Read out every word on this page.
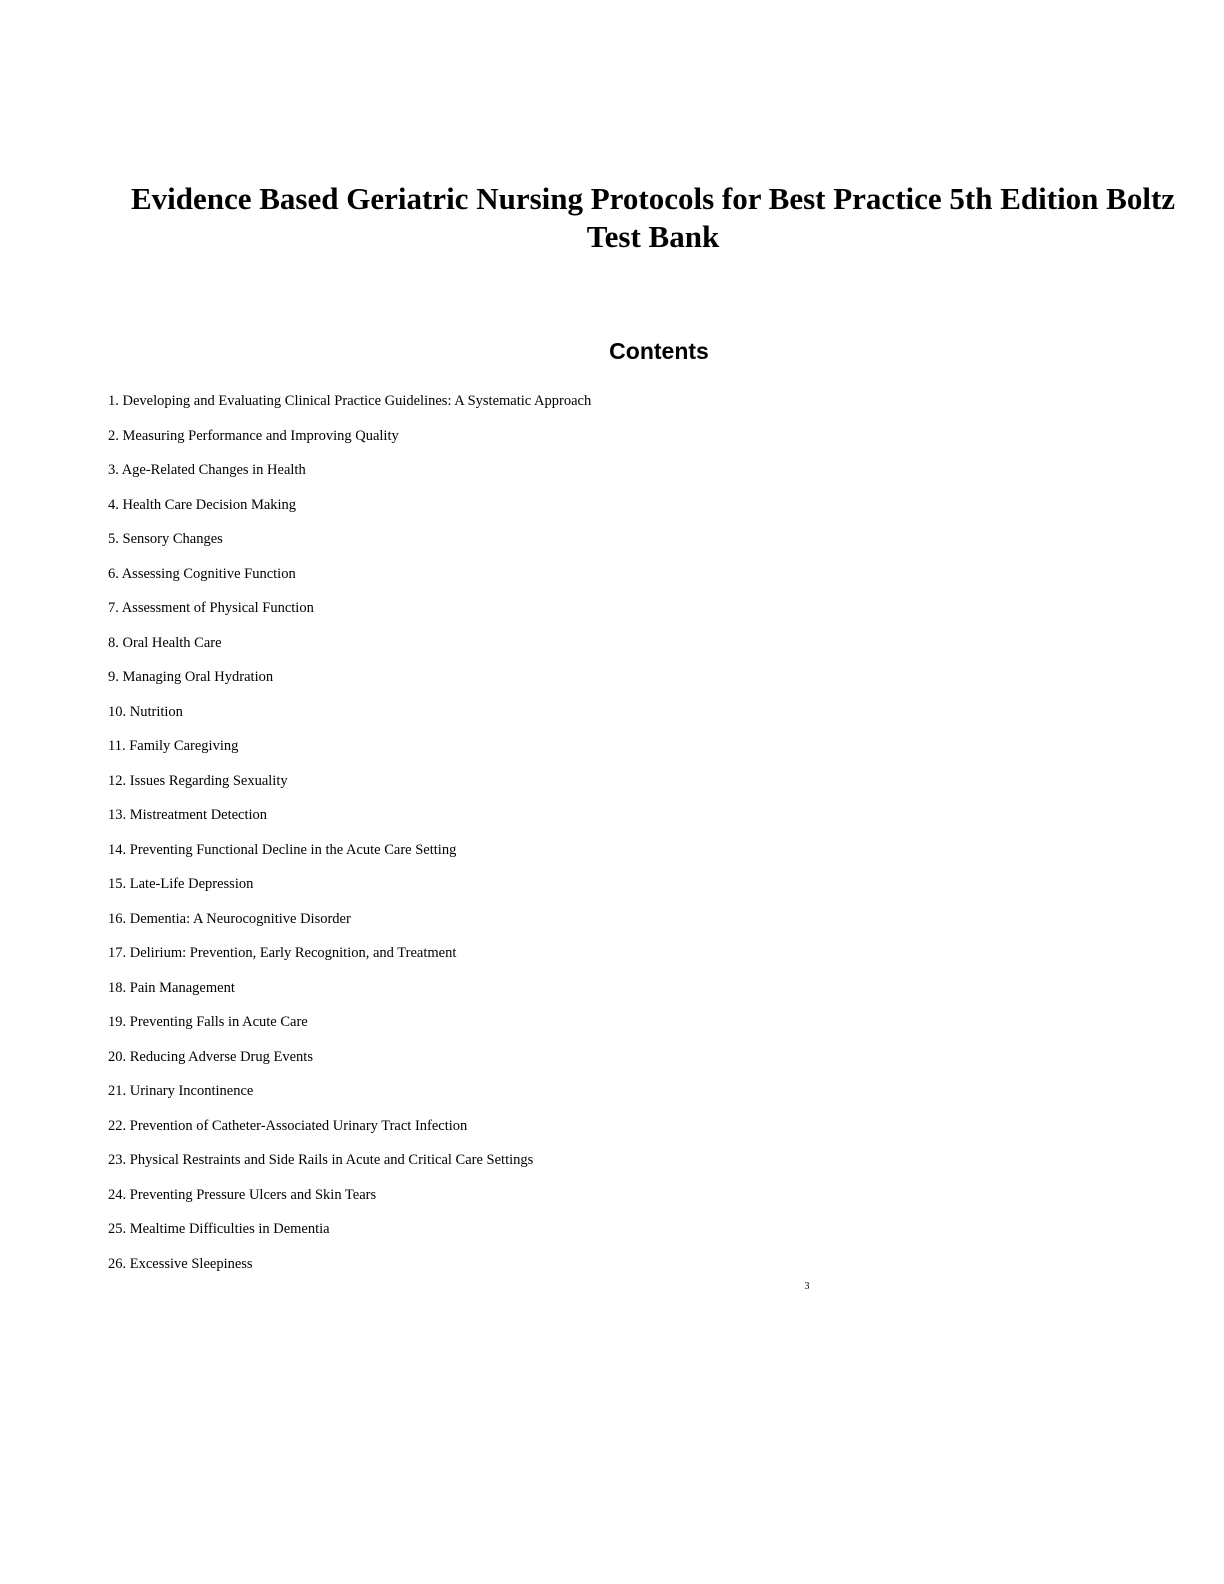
Evidence Based Geriatric Nursing Protocols for Best Practice 5th Edition Boltz
Test Bank
Contents
1. Developing and Evaluating Clinical Practice Guidelines: A Systematic Approach
2. Measuring Performance and Improving Quality
3. Age-Related Changes in Health
4. Health Care Decision Making
5. Sensory Changes
6. Assessing Cognitive Function
7. Assessment of Physical Function
8. Oral Health Care
9. Managing Oral Hydration
10. Nutrition
11. Family Caregiving
12. Issues Regarding Sexuality
13. Mistreatment Detection
14. Preventing Functional Decline in the Acute Care Setting
15. Late-Life Depression
16. Dementia: A Neurocognitive Disorder
17. Delirium: Prevention, Early Recognition, and Treatment
18. Pain Management
19. Preventing Falls in Acute Care
20. Reducing Adverse Drug Events
21. Urinary Incontinence
22. Prevention of Catheter-Associated Urinary Tract Infection
23. Physical Restraints and Side Rails in Acute and Critical Care Settings
24. Preventing Pressure Ulcers and Skin Tears
25. Mealtime Difficulties in Dementia
26. Excessive Sleepiness
3
